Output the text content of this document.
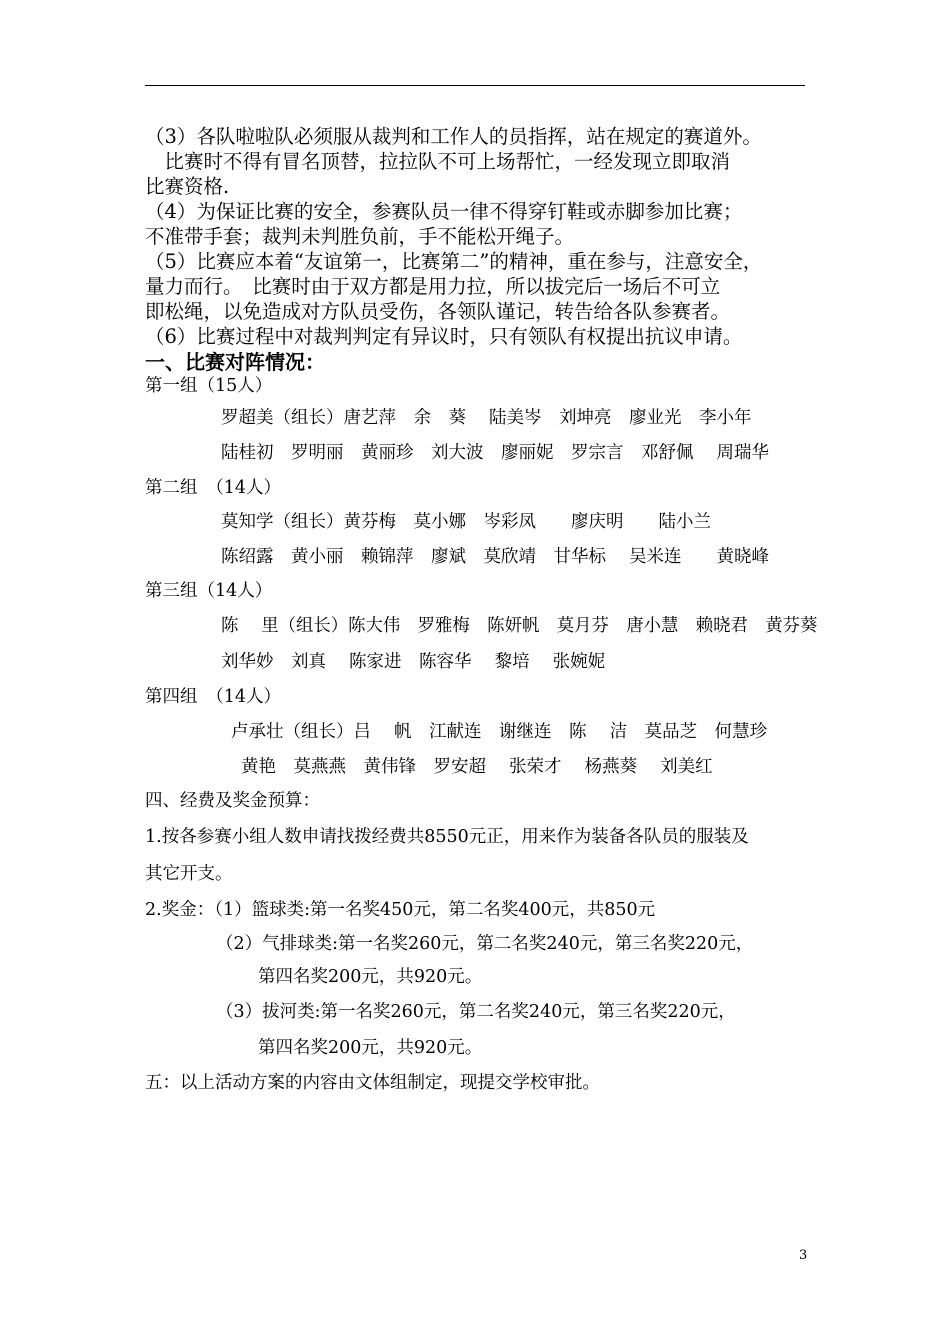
（3）各队啦啦队必须服从裁判和工作人的员指挥，站在规定的赛道外。
　比赛时不得有冒名顶替，拉拉队不可上场帮忙，一经发现立即取消
比赛资格.
（4）为保证比赛的安全，参赛队员一律不得穿钉鞋或赤脚参加比赛；
不准带手套；裁判未判胜负前，手不能松开绳子。
（5）比赛应本着“友谊第一，比赛第二”的精神，重在参与，注意安全，
量力而行。　比赛时由于双方都是用力拉，所以拔完后一场后不可立
即松绳，以免造成对方队员受伤，各领队谨记，转告给各队参赛者。
（6）比赛过程中对裁判判定有异议时，只有领队有权提出抗议申请。
一、比赛对阵情况：
第一组（15人）
罗超美（组长）唐艺萍　余　葵　 陆美岑　刘坤亮　廖业光　李小年
陆桂初　罗明丽　黄丽珍　刘大波　廖丽妮　罗宗言　邓舒佩　 周瑞华
第二组　（14人）
莫知学（组长）黄芬梅　莫小娜　岑彩凤　　廖庆明　　陆小兰
陈绍露　黄小丽　赖锦萍　廖斌　莫欣靖　甘华标　 吴米连　　黄晓峰
第三组（14人）
陈　 里（组长）陈大伟　罗雅梅　陈妍帆　莫月芬　唐小慧　赖晓君　黄芬葵
刘华妙　刘真　 陈家进　陈容华　 黎培　 张婉妮
第四组　（14人）
卢承壮（组长）吕　 帆　江献连　谢继连　陈　 洁　莫品芝　何慧珍
黄艳　莫燕燕　黄伟锋　罗安超　 张荣才　 杨燕葵　 刘美红
四、经费及奖金预算：
1.按各参赛小组人数申请找拨经费共8550元正，用来作为装备各队员的服装及
其它开支。
2.奖金：（1）篮球类:第一名奖450元，第二名奖400元，共850元
（2）气排球类:第一名奖260元，第二名奖240元，第三名奖220元，
第四名奖200元，共920元。
（3）拔河类:第一名奖260元，第二名奖240元，第三名奖220元，
第四名奖200元，共920元。
五：以上活动方案的内容由文体组制定，现提交学校审批。
3
